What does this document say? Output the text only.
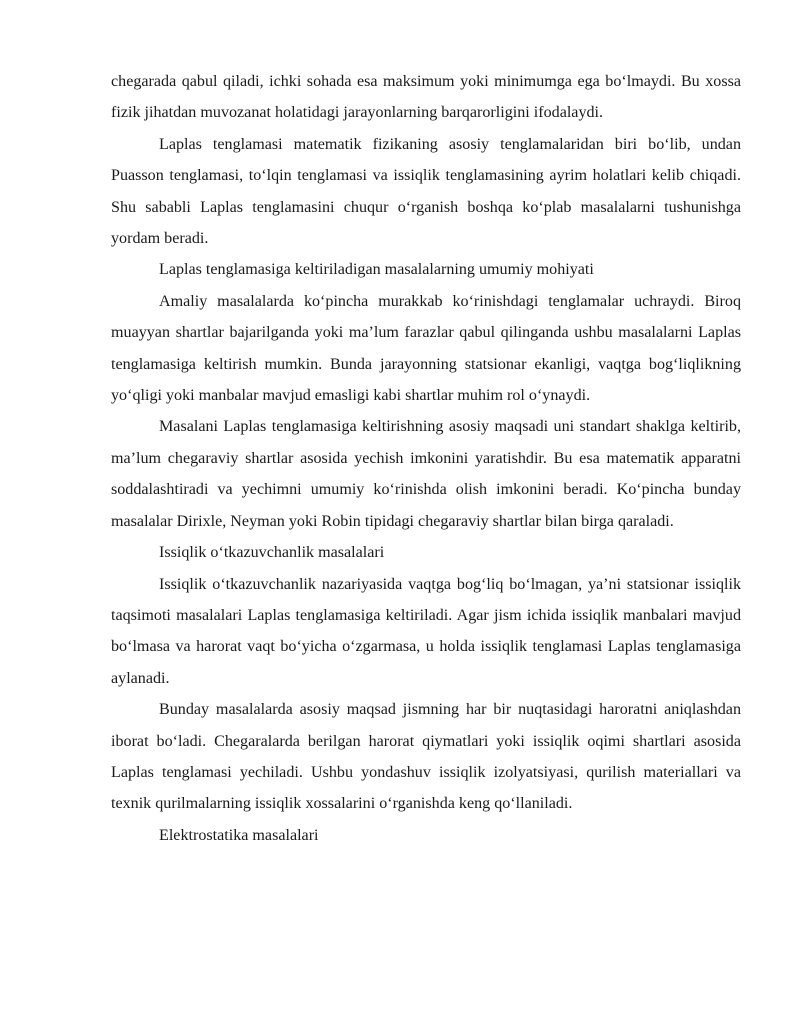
chegarada qabul qiladi, ichki sohada esa maksimum yoki minimumga ega bo‘lmaydi. Bu xossa fizik jihatdan muvozanat holatidagi jarayonlarning barqarorligini ifodalaydi.

Laplas tenglamasi matematik fizikaning asosiy tenglamalaridan biri bo‘lib, undan Puasson tenglamasi, to‘lqin tenglamasi va issiqlik tenglamasining ayrim holatlari kelib chiqadi. Shu sababli Laplas tenglamasini chuqur o‘rganish boshqa ko‘plab masalalarni tushunishga yordam beradi.

Laplas tenglamasiga keltiriladigan masalalarning umumiy mohiyati

Amaliy masalalarda ko‘pincha murakkab ko‘rinishdagi tenglamalar uchraydi. Biroq muayyan shartlar bajarilganda yoki ma’lum farazlar qabul qilinganda ushbu masalalarni Laplas tenglamasiga keltirish mumkin. Bunda jarayonning statsionar ekanligi, vaqtga bog‘liqlikning yo‘qligi yoki manbalar mavjud emasligi kabi shartlar muhim rol o‘ynaydi.

Masalani Laplas tenglamasiga keltirishning asosiy maqsadi uni standart shaklga keltirib, ma’lum chegaraviy shartlar asosida yechish imkonini yaratishdir. Bu esa matematik apparatni soddalashtiradi va yechimni umumiy ko‘rinishda olish imkonini beradi. Ko‘pincha bunday masalalar Dirixle, Neyman yoki Robin tipidagi chegaraviy shartlar bilan birga qaraladi.

Issiqlik o‘tkazuvchanlik masalalari

Issiqlik o‘tkazuvchanlik nazariyasida vaqtga bog‘liq bo‘lmagan, ya’ni statsionar issiqlik taqsimoti masalalari Laplas tenglamasiga keltiriladi. Agar jism ichida issiqlik manbalari mavjud bo‘lmasa va harorat vaqt bo‘yicha o‘zgarmasa, u holda issiqlik tenglamasi Laplas tenglamasiga aylanadi.

Bunday masalalarda asosiy maqsad jismning har bir nuqtasidagi haroratni aniqlashdan iborat bo‘ladi. Chegaralarda berilgan harorat qiymatlari yoki issiqlik oqimi shartlari asosida Laplas tenglamasi yechiladi. Ushbu yondashuv issiqlik izolyatsiyasi, qurilish materiallari va texnik qurilmalarning issiqlik xossalarini o‘rganishda keng qo‘llaniladi.

Elektrostatika masalalari
